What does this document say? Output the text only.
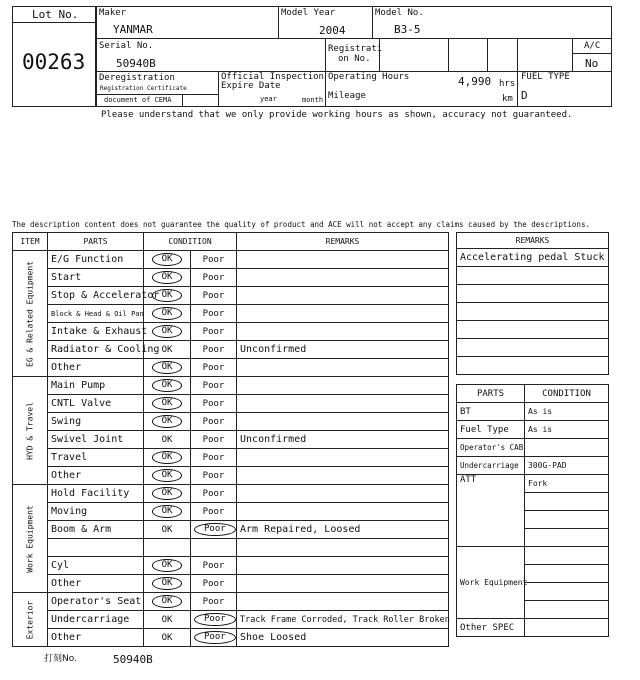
Lot No.
00263
Maker
YANMAR
Model Year
2004
Model No.
B3-5
Serial No.
50940B
Registrati
on No.
A/C
No
Deregistration
Registration Certificate
document of CEMA
Official Inspection
Expire Date
year	month
Operating Hours	4,990 hrs
Mileage	km
FUEL TYPE
D
Please understand that we only provide working hours as shown, accuracy not guaranteed.
The description content does not guarantee the quality of product and ACE will not accept any claims caused by the descriptions.
ITEM	PARTS	CONDITION		REMARKS

EG & Related Equipment	E/G Function	OK	Poor	
	Start	OK	Poor	
	Stop & Accelerator	OK	Poor	
	Block & Head & Oil Pan	OK	Poor	
	Intake & Exhaust	OK	Poor	
	Radiator & Cooling	OK	Poor	Unconfirmed
	Other	OK	Poor	

HYD & Travel	Main Pump	OK	Poor	
	CNTL Valve	OK	Poor	
	Swing	OK	Poor	
	Swivel Joint	OK	Poor	Unconfirmed
	Travel	OK	Poor	
	Other	OK	Poor	

Work Equipment	Hold Facility	OK	Poor	
	Moving	OK	Poor	
	Boom & Arm	OK	Poor	Arm Repaired, Loosed

	Cyl	OK	Poor	
	Other	OK	Poor	

Exterior	Operator's Seat	OK	Poor	
	Undercarriage	OK	Poor	Track Frame Corroded, Track Roller Broken
	Other	OK	Poor	Shoe Loosed
REMARKS
Accelerating pedal Stuck

PARTS	CONDITION
BT	As is
Fuel Type	As is
Operator's CAB	
Undercarriage	300G-PAD
ATT	Fork

Work Equipment	

Other SPEC	
打刻No.	50940B
